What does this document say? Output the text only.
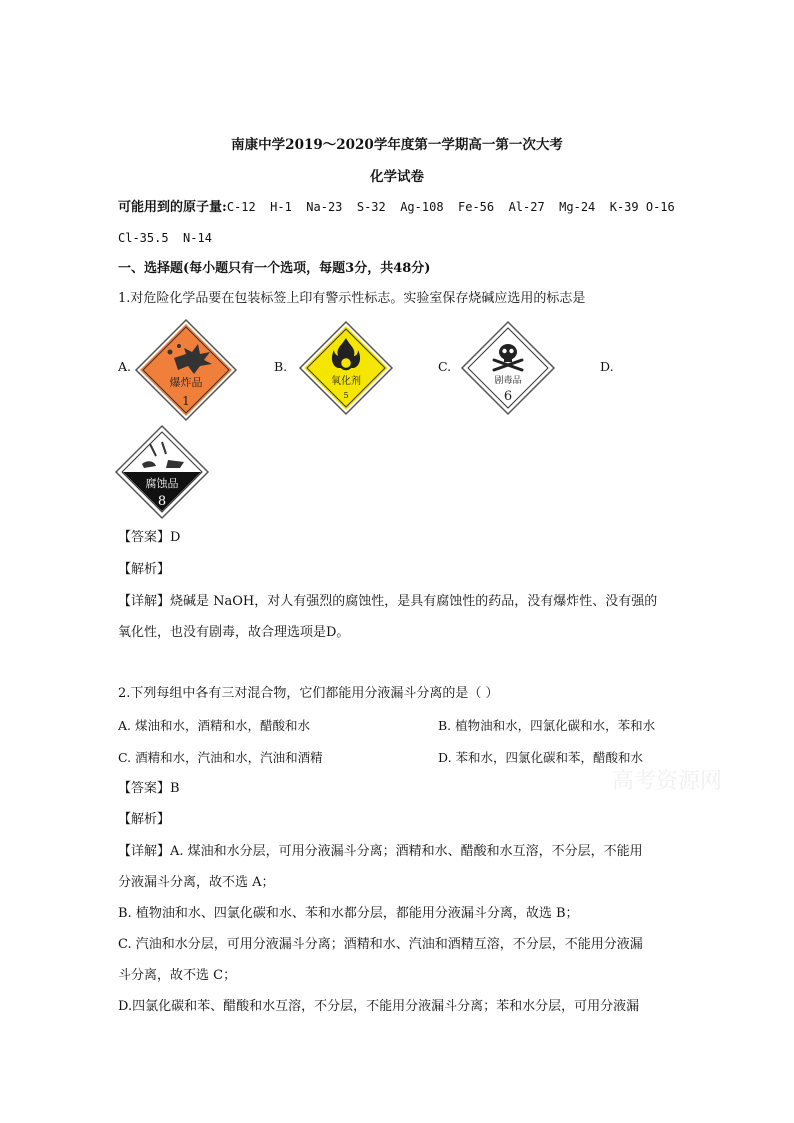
南康中学2019～2020学年度第一学期高一第一次大考
化学试卷
可能用到的原子量:C-12  H-1  Na-23  S-32  Ag-108  Fe-56  Al-27  Mg-24  K-39 O-16
Cl-35.5  N-14
一、选择题(每小题只有一个选项，每题3分，共48分)
1.对危险化学品要在包装标签上印有警示性标志。实验室保存烧碱应选用的标志是
A.
爆炸品
1
B.
氧化剂
5
C.
剧毒品
6
D.
腐蚀品
8
【答案】D
【解析】
【详解】烧碱是 NaOH，对人有强烈的腐蚀性，是具有腐蚀性的药品，没有爆炸性、没有强的
氧化性，也没有剧毒，故合理选项是D。
2.下列每组中各有三对混合物，它们都能用分液漏斗分离的是（ ）
A. 煤油和水，酒精和水，醋酸和水	B. 植物油和水，四氯化碳和水，苯和水
C. 酒精和水，汽油和水，汽油和酒精	D. 苯和水，四氯化碳和苯，醋酸和水
高考资源网
【答案】B
【解析】
【详解】A. 煤油和水分层，可用分液漏斗分离；酒精和水、醋酸和水互溶，不分层，不能用
分液漏斗分离，故不选 A；
B. 植物油和水、四氯化碳和水、苯和水都分层，都能用分液漏斗分离，故选 B；
C. 汽油和水分层，可用分液漏斗分离；酒精和水、汽油和酒精互溶，不分层，不能用分液漏
斗分离，故不选 C；
D.四氯化碳和苯、醋酸和水互溶，不分层，不能用分液漏斗分离；苯和水分层，可用分液漏
